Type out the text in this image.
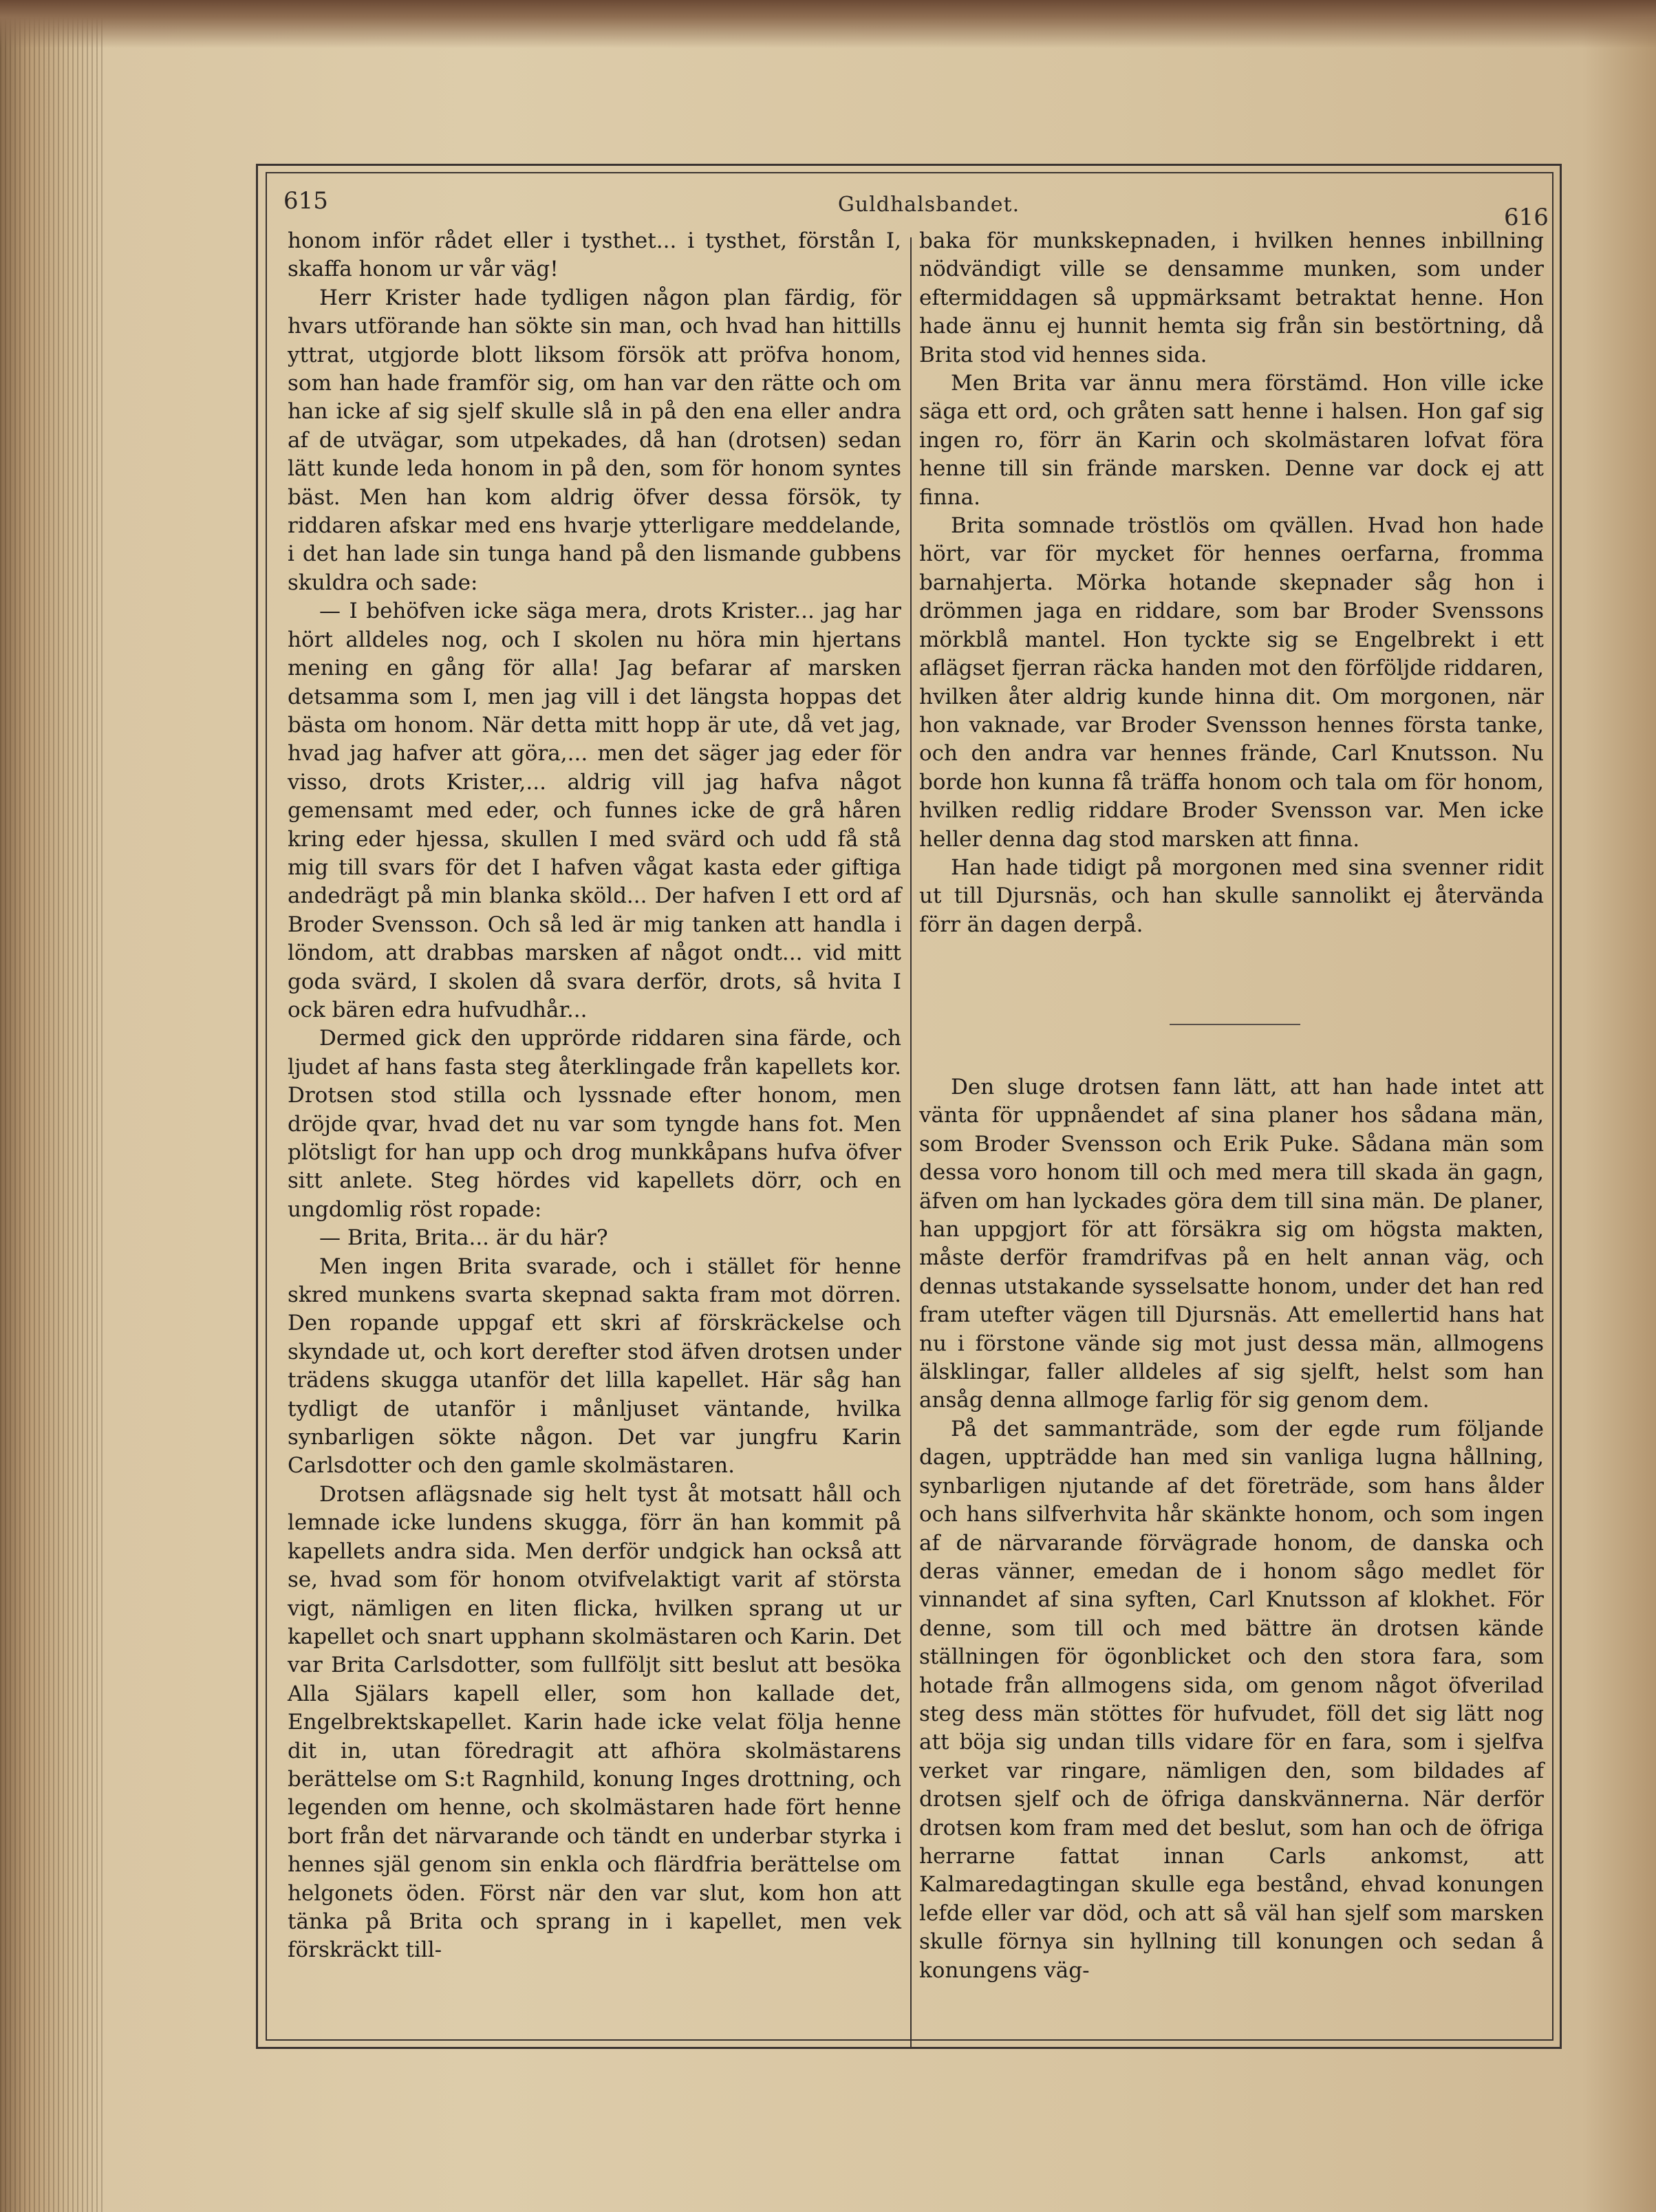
615	Guldhalsbandet.	616

honom inför rådet eller i tysthet... i tysthet, förstån I, skaffa honom ur vår väg!

Herr Krister hade tydligen någon plan färdig, för hvars utförande han sökte sin man, och hvad han hittills yttrat, utgjorde blott liksom försök att pröfva honom, som han hade framför sig, om han var den rätte och om han icke af sig sjelf skulle slå in på den ena eller andra af de utvägar, som utpekades, då han (drotsen) sedan lätt kunde leda honom in på den, som för honom syntes bäst. Men han kom aldrig öfver dessa försök, ty riddaren afskar med ens hvarje ytterligare meddelande, i det han lade sin tunga hand på den lismande gubbens skuldra och sade:

— I behöfven icke säga mera, drots Krister... jag har hört alldeles nog, och I skolen nu höra min hjertans mening en gång för alla! Jag befarar af marsken detsamma som I, men jag vill i det längsta hoppas det bästa om honom. När detta mitt hopp är ute, då vet jag, hvad jag hafver att göra,... men det säger jag eder för visso, drots Krister,... aldrig vill jag hafva något gemensamt med eder, och funnes icke de grå håren kring eder hjessa, skullen I med svärd och udd få stå mig till svars för det I hafven vågat kasta eder giftiga andedrägt på min blanka sköld... Der hafven I ett ord af Broder Svensson. Och så led är mig tanken att handla i löndom, att drabbas marsken af något ondt... vid mitt goda svärd, I skolen då svara derför, drots, så hvita I ock bären edra hufvudhår...

Dermed gick den upprörde riddaren sina färde, och ljudet af hans fasta steg återklingade från kapellets kor. Drotsen stod stilla och lyssnade efter honom, men dröjde qvar, hvad det nu var som tyngde hans fot. Men plötsligt for han upp och drog munkkåpans hufva öfver sitt anlete. Steg hördes vid kapellets dörr, och en ungdomlig röst ropade:

— Brita, Brita... är du här?

Men ingen Brita svarade, och i stället för henne skred munkens svarta skepnad sakta fram mot dörren. Den ropande uppgaf ett skri af förskräckelse och skyndade ut, och kort derefter stod äfven drotsen under trädens skugga utanför det lilla kapellet. Här såg han tydligt de utanför i månljuset väntande, hvilka synbarligen sökte någon. Det var jungfru Karin Carlsdotter och den gamle skolmästaren.

Drotsen aflägsnade sig helt tyst åt motsatt håll och lemnade icke lundens skugga, förr än han kommit på kapellets andra sida. Men derför undgick han också att se, hvad som för honom otvifvelaktigt varit af största vigt, nämligen en liten flicka, hvilken sprang ut ur kapellet och snart upphann skolmästaren och Karin. Det var Brita Carlsdotter, som fullföljt sitt beslut att besöka Alla Själars kapell eller, som hon kallade det, Engelbrektskapellet. Karin hade icke velat följa henne dit in, utan föredragit att afhöra skolmästarens berättelse om S:t Ragnhild, konung Inges drottning, och legenden om henne, och skolmästaren hade fört henne bort från det närvarande och tändt en underbar styrka i hennes själ genom sin enkla och flärdfria berättelse om helgonets öden. Först när den var slut, kom hon att tänka på Brita och sprang in i kapellet, men vek förskräckt till-

baka för munkskepnaden, i hvilken hennes inbillning nödvändigt ville se densamme munken, som under eftermiddagen så uppmärksamt betraktat henne. Hon hade ännu ej hunnit hemta sig från sin bestörtning, då Brita stod vid hennes sida.

Men Brita var ännu mera förstämd. Hon ville icke säga ett ord, och gråten satt henne i halsen. Hon gaf sig ingen ro, förr än Karin och skolmästaren lofvat föra henne till sin frände marsken. Denne var dock ej att finna.

Brita somnade tröstlös om qvällen. Hvad hon hade hört, var för mycket för hennes oerfarna, fromma barnahjerta. Mörka hotande skepnader såg hon i drömmen jaga en riddare, som bar Broder Svenssons mörkblå mantel. Hon tyckte sig se Engelbrekt i ett aflägset fjerran räcka handen mot den förföljde riddaren, hvilken åter aldrig kunde hinna dit. Om morgonen, när hon vaknade, var Broder Svensson hennes första tanke, och den andra var hennes frände, Carl Knutsson. Nu borde hon kunna få träffa honom och tala om för honom, hvilken redlig riddare Broder Svensson var. Men icke heller denna dag stod marsken att finna.

Han hade tidigt på morgonen med sina svenner ridit ut till Djursnäs, och han skulle sannolikt ej återvända förr än dagen derpå.

Den sluge drotsen fann lätt, att han hade intet att vänta för uppnåendet af sina planer hos sådana män, som Broder Svensson och Erik Puke. Sådana män som dessa voro honom till och med mera till skada än gagn, äfven om han lyckades göra dem till sina män. De planer, han uppgjort för att försäkra sig om högsta makten, måste derför framdrifvas på en helt annan väg, och dennas utstakande sysselsatte honom, under det han red fram utefter vägen till Djursnäs. Att emellertid hans hat nu i förstone vände sig mot just dessa män, allmogens älsklingar, faller alldeles af sig sjelft, helst som han ansåg denna allmoge farlig för sig genom dem.

På det sammanträde, som der egde rum följande dagen, uppträdde han med sin vanliga lugna hållning, synbarligen njutande af det företräde, som hans ålder och hans silfverhvita hår skänkte honom, och som ingen af de närvarande förvägrade honom, de danska och deras vänner, emedan de i honom sågo medlet för vinnandet af sina syften, Carl Knutsson af klokhet. För denne, som till och med bättre än drotsen kände ställningen för ögonblicket och den stora fara, som hotade från allmogens sida, om genom något öfverilad steg dess män stöttes för hufvudet, föll det sig lätt nog att böja sig undan tills vidare för en fara, som i sjelfva verket var ringare, nämligen den, som bildades af drotsen sjelf och de öfriga danskvännerna. När derför drotsen kom fram med det beslut, som han och de öfriga herrarne fattat innan Carls ankomst, att Kalmaredagtingan skulle ega bestånd, ehvad konungen lefde eller var död, och att så väl han sjelf som marsken skulle förnya sin hyllning till konungen och sedan å konungens väg-
